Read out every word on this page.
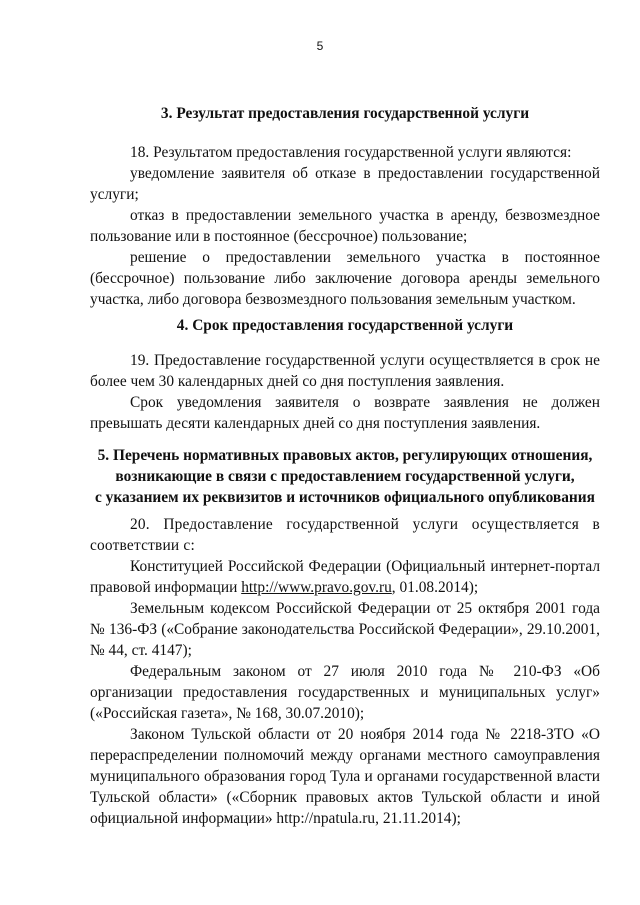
5
3. Результат предоставления государственной услуги

18. Результатом предоставления государственной услуги являются:

уведомление заявителя об отказе в предоставлении государственной услуги;

отказ в предоставлении земельного участка в аренду, безвозмездное пользование или в постоянное (бессрочное) пользование;

решение о предоставлении земельного участка в постоянное (бессрочное) пользование либо заключение договора аренды земельного участка, либо договора безвозмездного пользования земельным участком.

4. Срок предоставления государственной услуги

19. Предоставление государственной услуги осуществляется в срок не более чем 30 календарных дней со дня поступления заявления.

Срок уведомления заявителя о возврате заявления не должен превышать десяти календарных дней со дня поступления заявления.

5. Перечень нормативных правовых актов, регулирующих отношения,
возникающие в связи с предоставлением государственной услуги,
с указанием их реквизитов и источников официального опубликования

20. Предоставление государственной услуги осуществляется в соответствии с:

Конституцией Российской Федерации (Официальный интернет-портал правовой информации http://www.pravo.gov.ru, 01.08.2014);

Земельным кодексом Российской Федерации от 25 октября 2001 года № 136-ФЗ («Собрание законодательства Российской Федерации», 29.10.2001, № 44, ст. 4147);

Федеральным законом от 27 июля 2010 года № 210-ФЗ «Об организации предоставления государственных и муниципальных услуг» («Российская газета», № 168, 30.07.2010);

Законом Тульской области от 20 ноября 2014 года № 2218-ЗТО «О перераспределении полномочий между органами местного самоуправления муниципального образования город Тула и органами государственной власти Тульской области» («Сборник правовых актов Тульской области и иной официальной информации» http://npatula.ru, 21.11.2014);
